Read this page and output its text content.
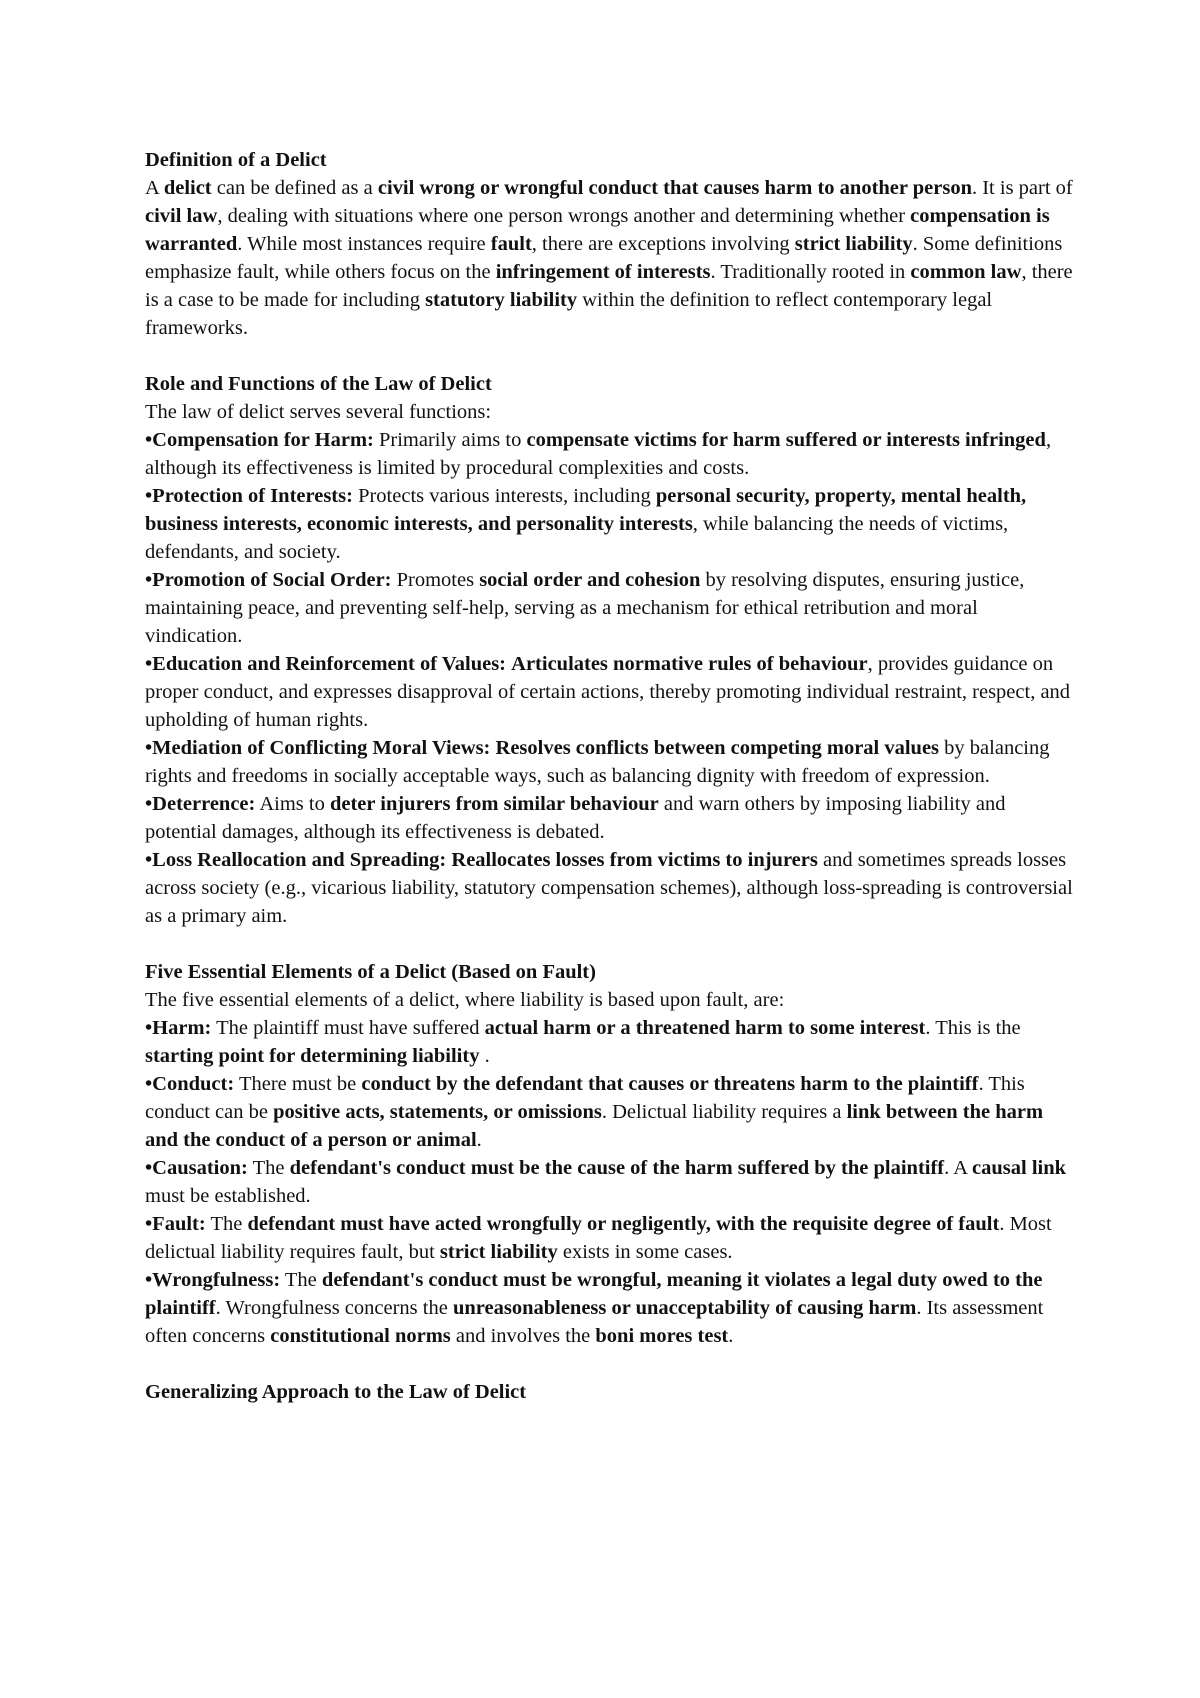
Definition of a Delict
A delict can be defined as a civil wrong or wrongful conduct that causes harm to another person. It is part of civil law, dealing with situations where one person wrongs another and determining whether compensation is warranted. While most instances require fault, there are exceptions involving strict liability. Some definitions emphasize fault, while others focus on the infringement of interests. Traditionally rooted in common law, there is a case to be made for including statutory liability within the definition to reflect contemporary legal frameworks.
Role and Functions of the Law of Delict
The law of delict serves several functions:
•Compensation for Harm: Primarily aims to compensate victims for harm suffered or interests infringed, although its effectiveness is limited by procedural complexities and costs.
•Protection of Interests: Protects various interests, including personal security, property, mental health, business interests, economic interests, and personality interests, while balancing the needs of victims, defendants, and society.
•Promotion of Social Order: Promotes social order and cohesion by resolving disputes, ensuring justice, maintaining peace, and preventing self-help, serving as a mechanism for ethical retribution and moral vindication.
•Education and Reinforcement of Values: Articulates normative rules of behaviour, provides guidance on proper conduct, and expresses disapproval of certain actions, thereby promoting individual restraint, respect, and upholding of human rights.
•Mediation of Conflicting Moral Views: Resolves conflicts between competing moral values by balancing rights and freedoms in socially acceptable ways, such as balancing dignity with freedom of expression.
•Deterrence: Aims to deter injurers from similar behaviour and warn others by imposing liability and potential damages, although its effectiveness is debated.
•Loss Reallocation and Spreading: Reallocates losses from victims to injurers and sometimes spreads losses across society (e.g., vicarious liability, statutory compensation schemes), although loss-spreading is controversial as a primary aim.
Five Essential Elements of a Delict (Based on Fault)
The five essential elements of a delict, where liability is based upon fault, are:
•Harm: The plaintiff must have suffered actual harm or a threatened harm to some interest. This is the starting point for determining liability .
•Conduct: There must be conduct by the defendant that causes or threatens harm to the plaintiff. This conduct can be positive acts, statements, or omissions. Delictual liability requires a link between the harm and the conduct of a person or animal.
•Causation: The defendant's conduct must be the cause of the harm suffered by the plaintiff. A causal link must be established.
•Fault: The defendant must have acted wrongfully or negligently, with the requisite degree of fault. Most delictual liability requires fault, but strict liability exists in some cases.
•Wrongfulness: The defendant's conduct must be wrongful, meaning it violates a legal duty owed to the plaintiff. Wrongfulness concerns the unreasonableness or unacceptability of causing harm. Its assessment often concerns constitutional norms and involves the boni mores test.
Generalizing Approach to the Law of Delict
